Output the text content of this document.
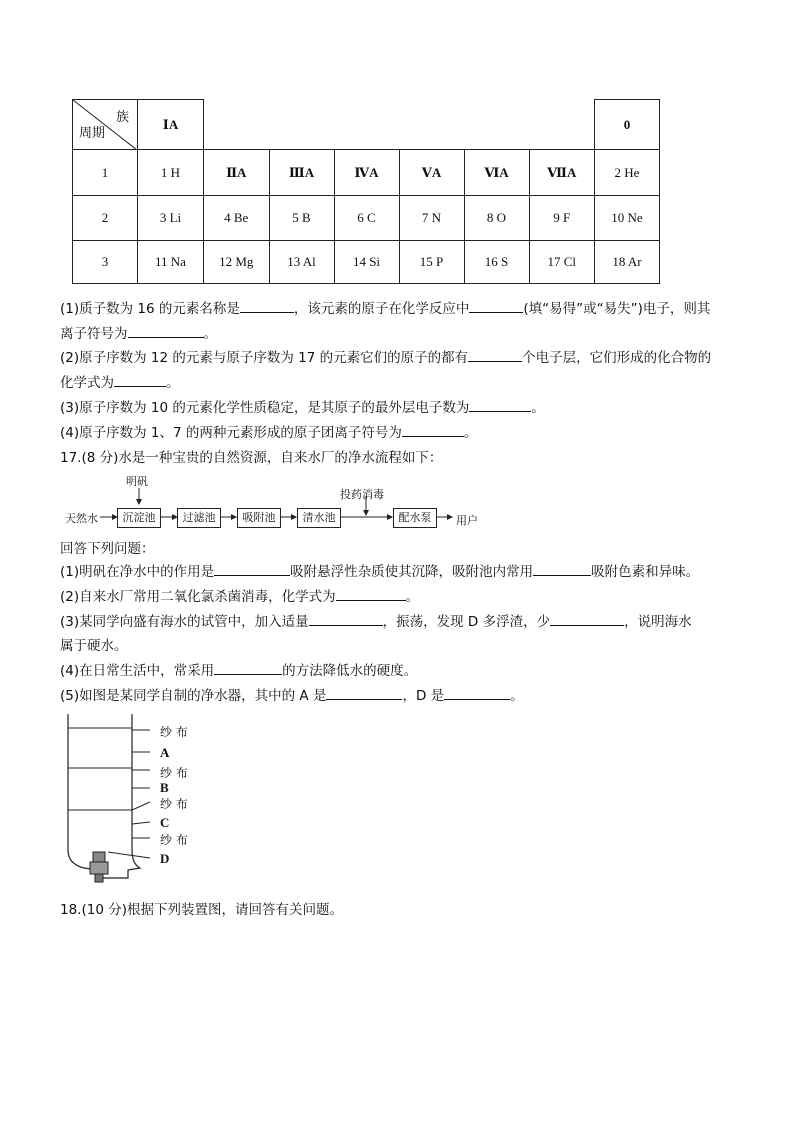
族
周期	ⅠA							0
1	1 H	ⅡA	ⅢA	ⅣA	ⅤA	ⅥA	ⅦA	2 He
2	3 Li	4 Be	5 B	6 C	7 N	8 O	9 F	10 Ne
3	11 Na	12 Mg	13 Al	14 Si	15 P	16 S	17 Cl	18 Ar
(1)质子数为 16 的元素名称是	，该元素的原子在化学反应中	(填“易得”或“易失”)电子，则其
离子符号为	。
(2)原子序数为 12 的元素与原子序数为 17 的元素它们的原子的都有	个电子层，它们形成的化合物的
化学式为	。
(3)原子序数为 10 的元素化学性质稳定，是其原子的最外层电子数为	。
(4)原子序数为 1、7 的两种元素形成的原子团离子符号为	。
17.(8 分)水是一种宝贵的自然资源，自来水厂的净水流程如下：
明矾
天然水	沉淀池	过滤池	吸附池	清水池
投药消毒
配水泵	用户
回答下列问题：
(1)明矾在净水中的作用是	吸附悬浮性杂质使其沉降，吸附池内常用	吸附色素和异味。
(2)自来水厂常用二氧化氯杀菌消毒，化学式为	。
(3)某同学向盛有海水的试管中，加入适量	，振荡，发现 D 多浮渣，少	，说明海水
属于硬水。
(4)在日常生活中，常采用	的方法降低水的硬度。
(5)如图是某同学自制的净水器，其中的 A 是	，D 是	。
纱 布
A
纱 布
B
纱 布
C
纱 布
D
18.(10 分)根据下列装置图，请回答有关问题。
